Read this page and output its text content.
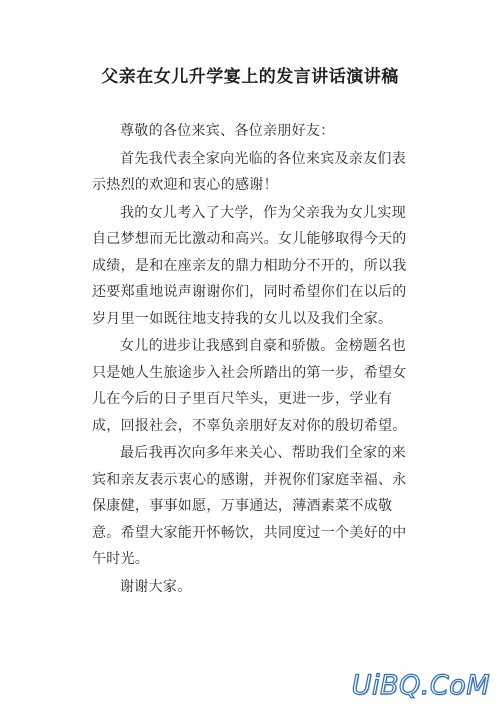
父亲在女儿升学宴上的发言讲话演讲稿

尊敬的各位来宾、各位亲朋好友：

首先我代表全家向光临的各位来宾及亲友们表示热烈的欢迎和衷心的感谢！

我的女儿考入了大学，作为父亲我为女儿实现自己梦想而无比激动和高兴。女儿能够取得今天的成绩，是和在座亲友的鼎力相助分不开的，所以我还要郑重地说声谢谢你们，同时希望你们在以后的岁月里一如既往地支持我的女儿以及我们全家。

女儿的进步让我感到自豪和骄傲。金榜题名也只是她人生旅途步入社会所踏出的第一步，希望女儿在今后的日子里百尺竿头，更进一步，学业有成，回报社会，不辜负亲朋好友对你的殷切希望。

最后我再次向多年来关心、帮助我们全家的来宾和亲友表示衷心的感谢，并祝你们家庭幸福、永保康健，事事如愿，万事通达，薄酒素菜不成敬意。希望大家能开怀畅饮，共同度过一个美好的中午时光。

谢谢大家。

UiBQ.CoM
